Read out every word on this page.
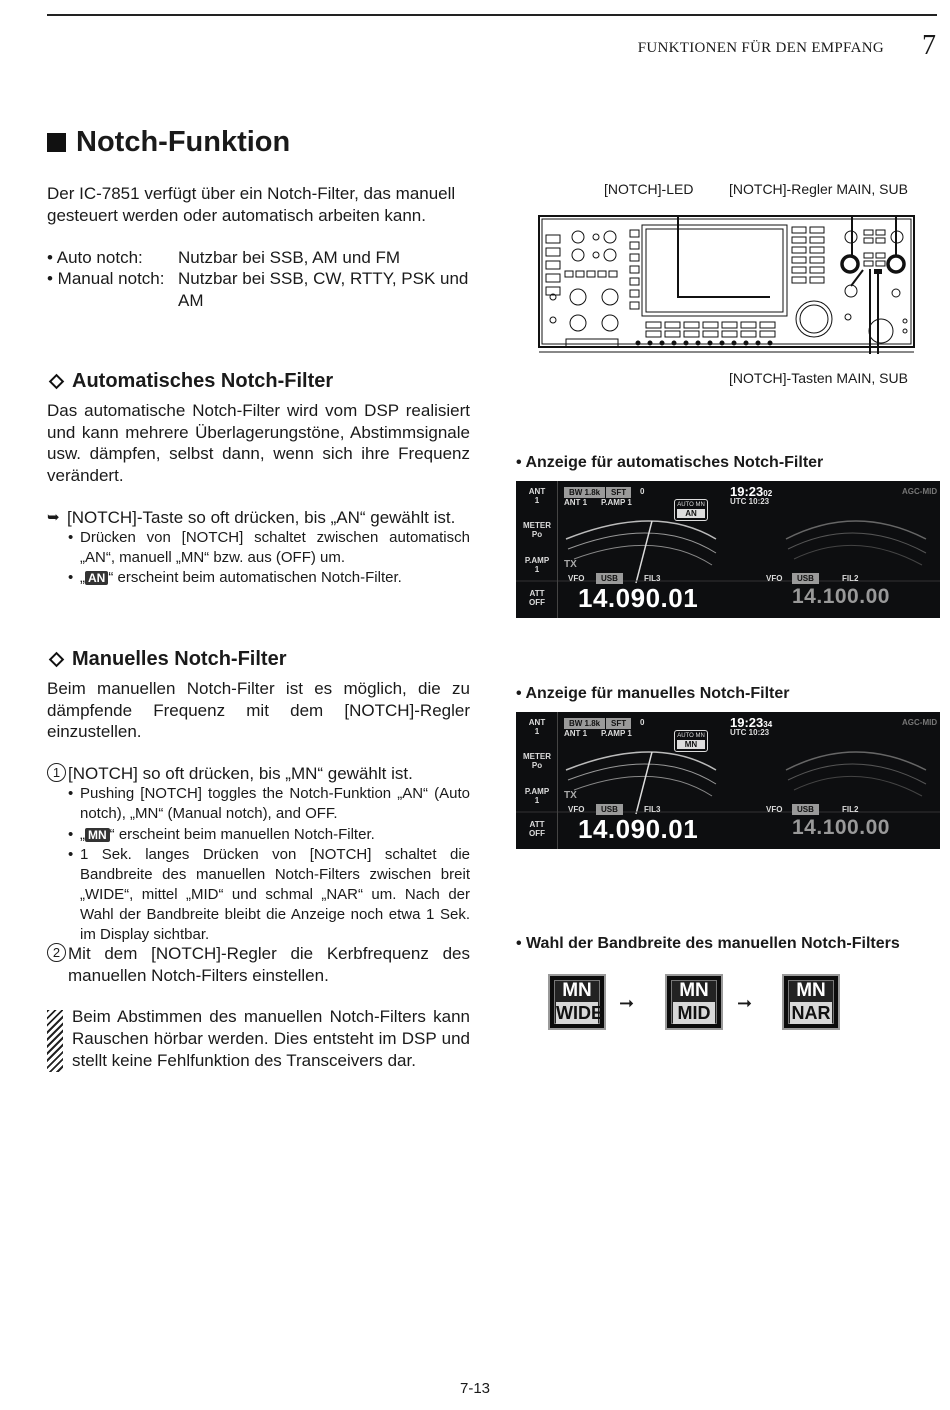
FUNKTIONEN FÜR DEN EMPFANG 7
Notch-Funktion
Der IC-7851 verfügt über ein Notch-Filter, das manuell gesteuert werden oder automatisch arbeiten kann.
• Auto notch: Nutzbar bei SSB, AM und FM
• Manual notch: Nutzbar bei SSB, CW, RTTY, PSK und AM
Automatisches Notch-Filter
Das automatische Notch-Filter wird vom DSP realisiert und kann mehrere Überlagerungstöne, Abstimmsignale usw. dämpfen, selbst dann, wenn sich ihre Frequenz verändert.
➥ [NOTCH]-Taste so oft drücken, bis „AN“ gewählt ist.
• Drücken von [NOTCH] schaltet zwischen automatisch „AN“, manuell „MN“ bzw. aus (OFF) um.
• „ AN “ erscheint beim automatischen Notch-Filter.
Manuelles Notch-Filter
Beim manuellen Notch-Filter ist es möglich, die zu dämpfende Frequenz mit dem [NOTCH]-Regler einzustellen.
1 [NOTCH] so oft drücken, bis „MN“ gewählt ist.
• Pushing [NOTCH] toggles the Notch-Funktion „AN“ (Auto notch), „MN“ (Manual notch), and OFF.
• „ MN “ erscheint beim manuellen Notch-Filter.
• 1 Sek. langes Drücken von [NOTCH] schaltet die Bandbreite des manuellen Notch-Filters zwischen breit „WIDE“, mittel „MID“ und schmal „NAR“ um. Nach der Wahl der Bandbreite bleibt die Anzeige noch etwa 1 Sek. im Display sichtbar.
2 Mit dem [NOTCH]-Regler die Kerbfrequenz des manuellen Notch-Filters einstellen.
Beim Abstimmen des manuellen Notch-Filters kann Rauschen hörbar werden. Dies entsteht im DSP und stellt keine Fehlfunktion des Transceivers dar.
[NOTCH]-LED	[NOTCH]-Regler MAIN, SUB
[NOTCH]-Tasten MAIN, SUB
• Anzeige für automatisches Notch-Filter
ANT
1
METER
Po
P.AMP
1
ATT
OFF
BW 1.8k	SFT	0
ANT 1 P.AMP 1
19:2302
UTC 10:23
AUTO MN
AN
TX
VFO	USB	FIL3
14.090.01
AGC-MID
VFO	USB	FIL2
14.100.00
• Anzeige für manuelles Notch-Filter
ANT
1
METER
Po
P.AMP
1
ATT
OFF
BW 1.8k	SFT	0
ANT 1 P.AMP 1
19:2334
UTC 10:23
AUTO MN
MN
TX
VFO	USB	FIL3
14.090.01
AGC-MID
VFO	USB	FIL2
14.100.00
• Wahl der Bandbreite des manuellen Notch-Filters
MN
WIDE ➞
MN
MID ➞
MN
NAR
7-13
